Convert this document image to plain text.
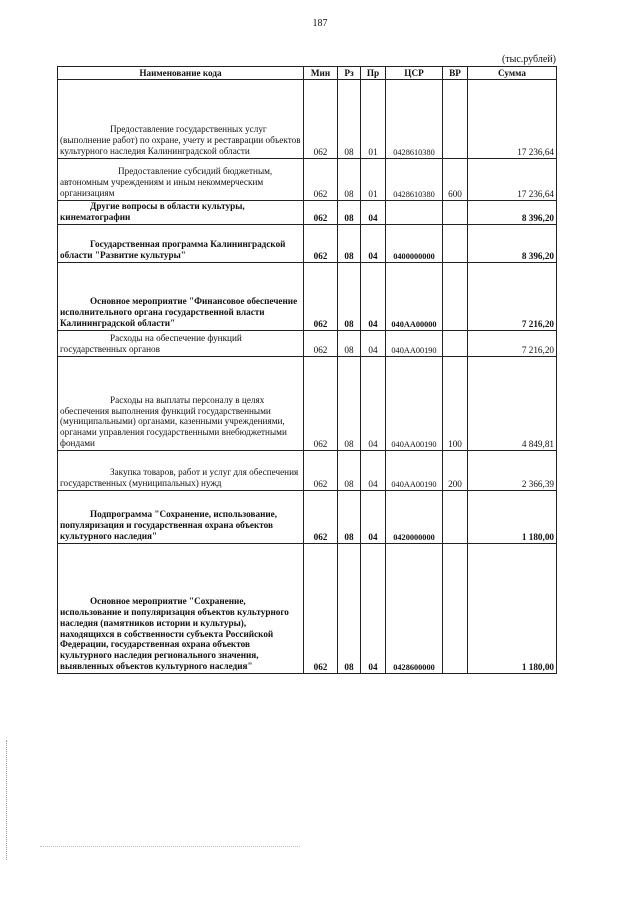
187
(тыс.рублей)
Наименование кода	Мин	Рз	Пр	ЦСР	ВР	Сумма
Предоставление государственных услуг (выполнение работ) по охране, учету и реставрации объектов культурного наследия Калининградской области	062	08	01	0428610380		17 236,64
Предоставление субсидий бюджетным, автономным учреждениям и иным некоммерческим организациям	062	08	01	0428610380	600	17 236,64
Другие вопросы в области культуры, кинематографии	062	08	04			8 396,20
Государственная программа Калининградской области "Развитие культуры"	062	08	04	0400000000		8 396,20
Основное мероприятие "Финансовое обеспечение исполнительного органа государственной власти Калининградской области"	062	08	04	040АА00000		7 216,20
Расходы на обеспечение функций государственных органов	062	08	04	040АА00190		7 216,20
Расходы на выплаты персоналу в целях обеспечения выполнения функций государственными (муниципальными) органами, казенными учреждениями, органами управления государственными внебюджетными фондами	062	08	04	040АА00190	100	4 849,81
Закупка товаров, работ и услуг для обеспечения государственных (муниципальных) нужд	062	08	04	040АА00190	200	2 366,39
Подпрограмма "Сохранение, использование, популяризация и государственная охрана объектов культурного наследия"	062	08	04	0420000000		1 180,00
Основное мероприятие "Сохранение, использование и популяризация объектов культурного наследия (памятников истории и культуры), находящихся в собственности субъекта Российской Федерации, государственная охрана объектов культурного наследия регионального значения, выявленных объектов культурного наследия"	062	08	04	0428600000		1 180,00
